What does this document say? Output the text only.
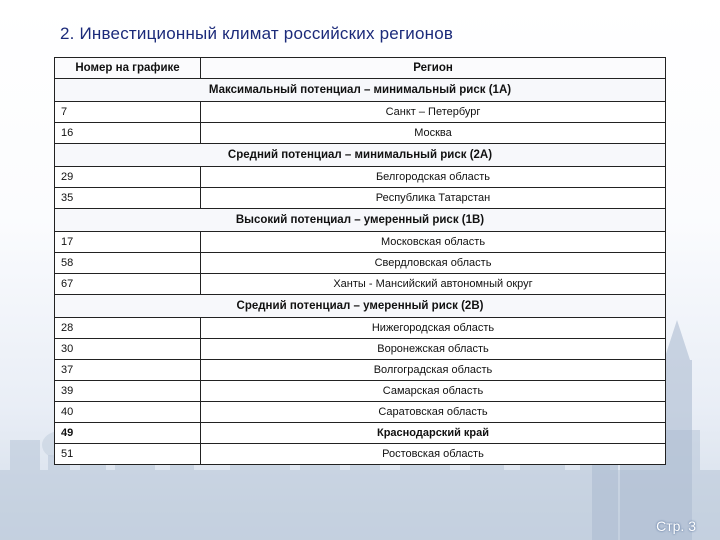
2. Инвестиционный климат российских регионов
Номер на графике	Регион
Максимальный потенциал – минимальный риск (1А)	
7	Санкт – Петербург
16	Москва
Средний потенциал – минимальный риск (2А)	
29	Белгородская область
35	Республика Татарстан
Высокий потенциал – умеренный риск (1В)	
17	Московская область
58	Свердловская область
67	Ханты - Мансийский автономный округ
Средний потенциал – умеренный риск (2В)	
28	Нижегородская область
30	Воронежская область
37	Волгоградская область
39	Самарская область
40	Саратовская область
49	Краснодарский край
51	Ростовская область
Стр. 3
